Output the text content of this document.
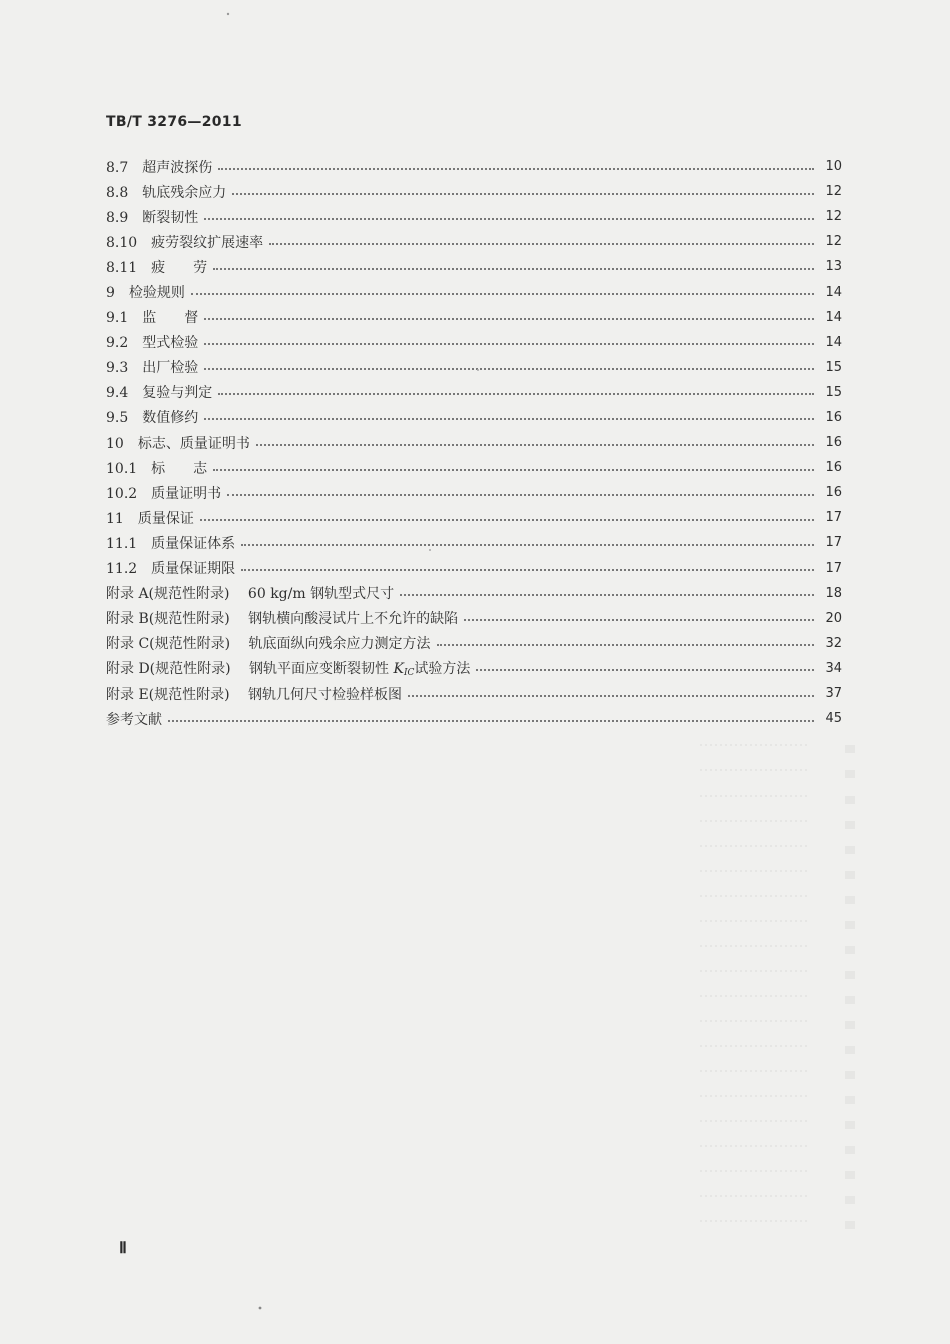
TB/T 3276—2011
8.7　超声波探伤	10
8.8　轨底残余应力	12
8.9　断裂韧性	12
8.10　疲劳裂纹扩展速率	12
8.11　疲　　劳	13
9　检验规则	14
9.1　监　　督	14
9.2　型式检验	14
9.3　出厂检验	15
9.4　复验与判定	15
9.5　数值修约	16
10　标志、质量证明书	16
10.1　标　　志	16
10.2　质量证明书	16
11　质量保证	17
11.1　质量保证体系	17
11.2　质量保证期限	17
附录 A(规范性附录)　 60 kg/m 钢轨型式尺寸	18
附录 B(规范性附录)　 钢轨横向酸浸试片上不允许的缺陷	20
附录 C(规范性附录)　 轨底面纵向残余应力测定方法	32
附录 D(规范性附录)　 钢轨平面应变断裂韧性 $K_{IC}$试验方法	34
附录 E(规范性附录)　 钢轨几何尺寸检验样板图	37
参考文献	45
Ⅱ
